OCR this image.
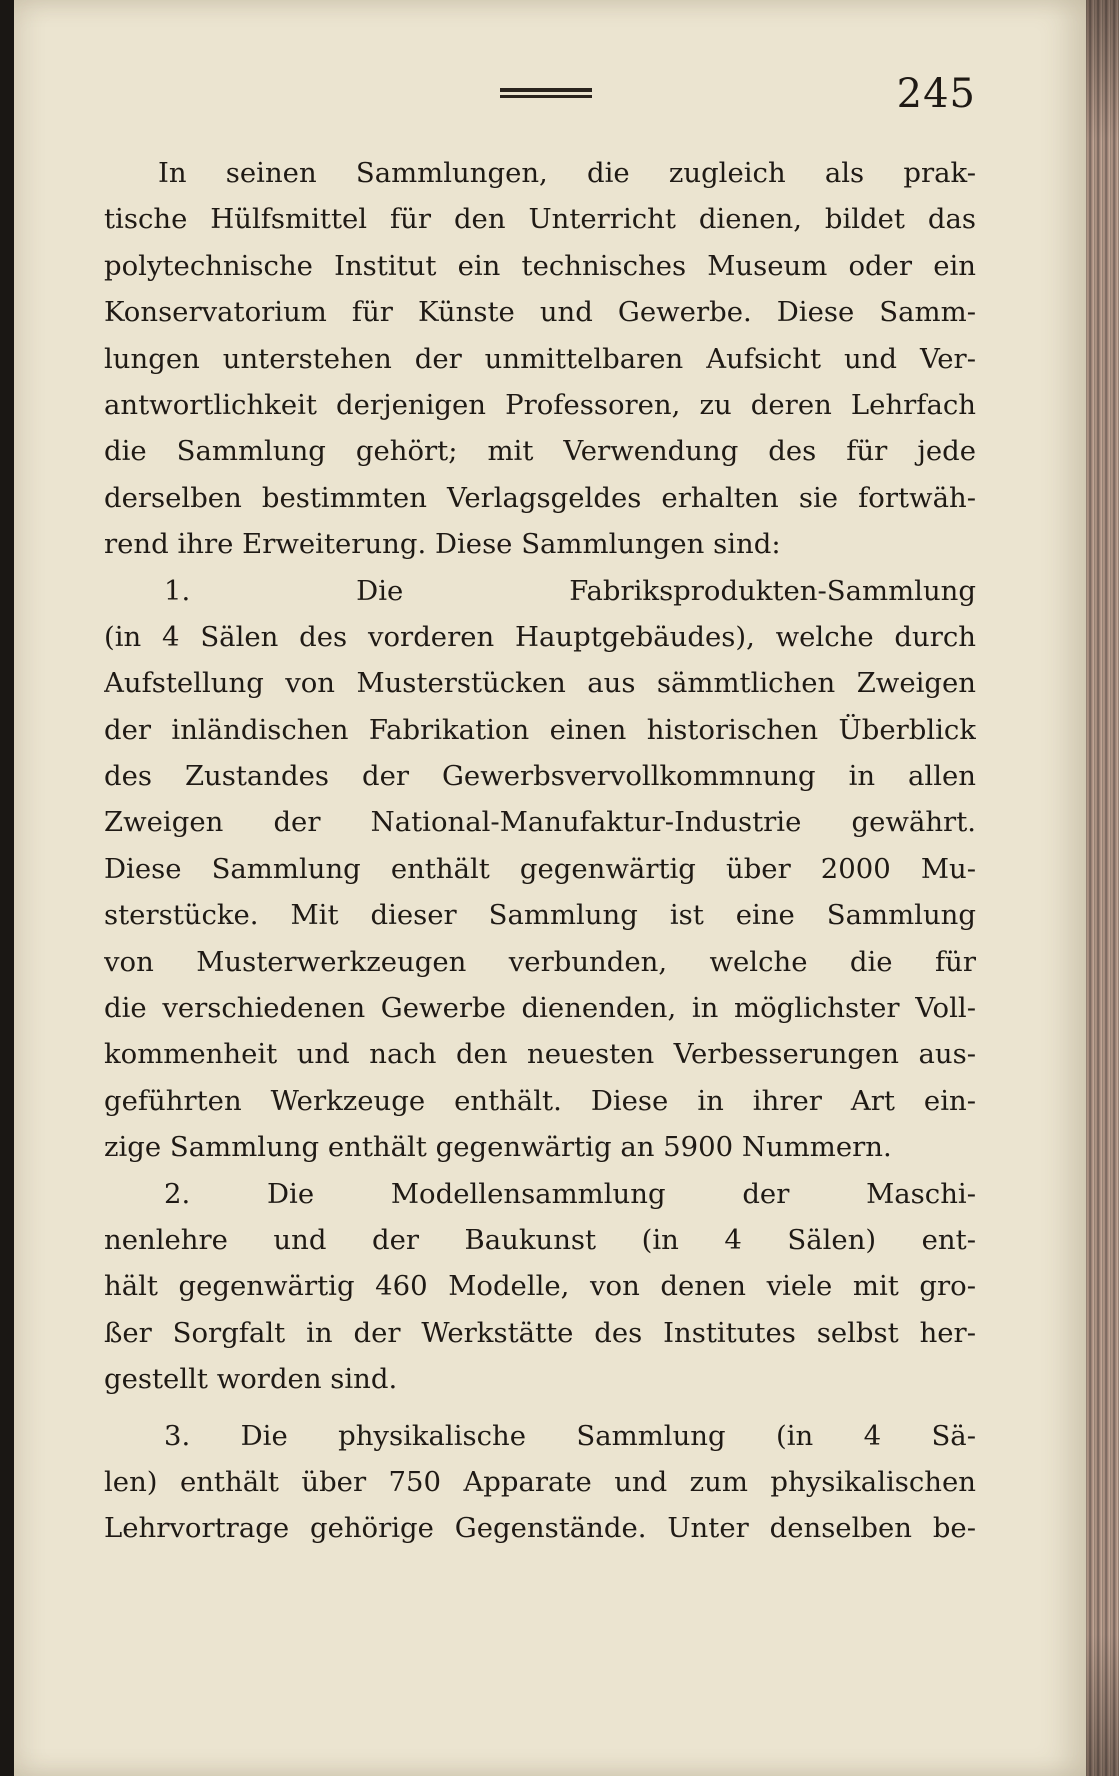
245
In seinen Sammlungen, die zugleich als prak-
tische Hülfsmittel für den Unterricht dienen, bildet das
polytechnische Institut ein technisches Museum oder ein
Konservatorium für Künste und Gewerbe. Diese Samm-
lungen unterstehen der unmittelbaren Aufsicht und Ver-
antwortlichkeit derjenigen Professoren, zu deren Lehrfach
die Sammlung gehört; mit Verwendung des für jede
derselben bestimmten Verlagsgeldes erhalten sie fortwäh-
rend ihre Erweiterung. Diese Sammlungen sind:
1. Die Fabriksprodukten-Sammlung
(in 4 Sälen des vorderen Hauptgebäudes), welche durch
Aufstellung von Musterstücken aus sämmtlichen Zweigen
der inländischen Fabrikation einen historischen Überblick
des Zustandes der Gewerbsvervollkommnung in allen
Zweigen der National-Manufaktur-Industrie gewährt.
Diese Sammlung enthält gegenwärtig über 2000 Mu-
sterstücke. Mit dieser Sammlung ist eine Sammlung
von Musterwerkzeugen verbunden, welche die für
die verschiedenen Gewerbe dienenden, in möglichster Voll-
kommenheit und nach den neuesten Verbesserungen aus-
geführten Werkzeuge enthält. Diese in ihrer Art ein-
zige Sammlung enthält gegenwärtig an 5900 Nummern.
2. Die Modellensammlung der Maschi-
nenlehre und der Baukunst (in 4 Sälen) ent-
hält gegenwärtig 460 Modelle, von denen viele mit gro-
ßer Sorgfalt in der Werkstätte des Institutes selbst her-
gestellt worden sind.
3. Die physikalische Sammlung (in 4 Sä-
len) enthält über 750 Apparate und zum physikalischen
Lehrvortrage gehörige Gegenstände. Unter denselben be-
